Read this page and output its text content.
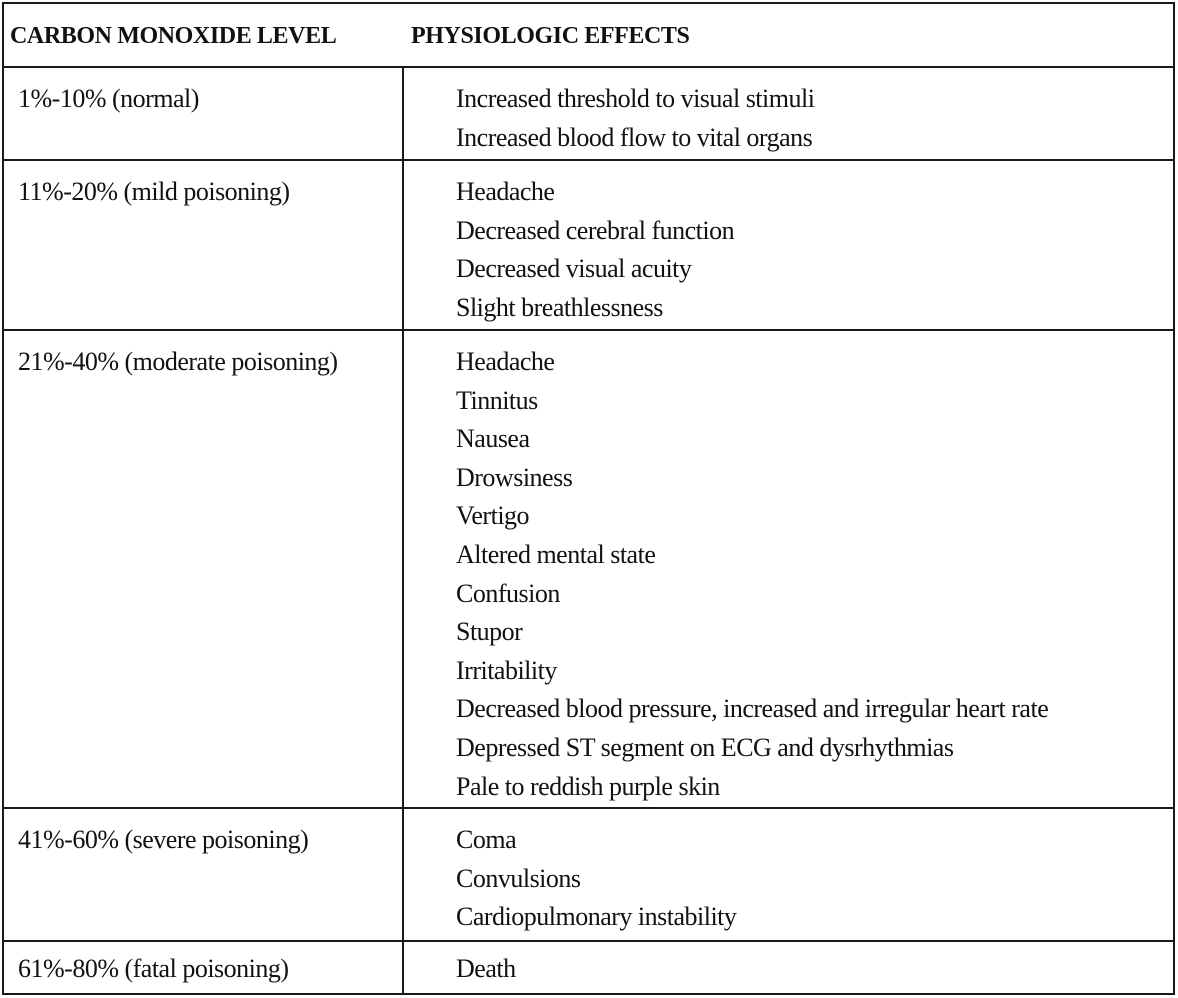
CARBON MONOXIDE LEVEL	PHYSIOLOGIC EFFECTS
1%-10% (normal)	Increased threshold to visual stimuli
Increased blood flow to vital organs
11%-20% (mild poisoning)	Headache
Decreased cerebral function
Decreased visual acuity
Slight breathlessness
21%-40% (moderate poisoning)	Headache
Tinnitus
Nausea
Drowsiness
Vertigo
Altered mental state
Confusion
Stupor
Irritability
Decreased blood pressure, increased and irregular heart rate
Depressed ST segment on ECG and dysrhythmias
Pale to reddish purple skin
41%-60% (severe poisoning)	Coma
Convulsions
Cardiopulmonary instability
61%-80% (fatal poisoning)	Death
